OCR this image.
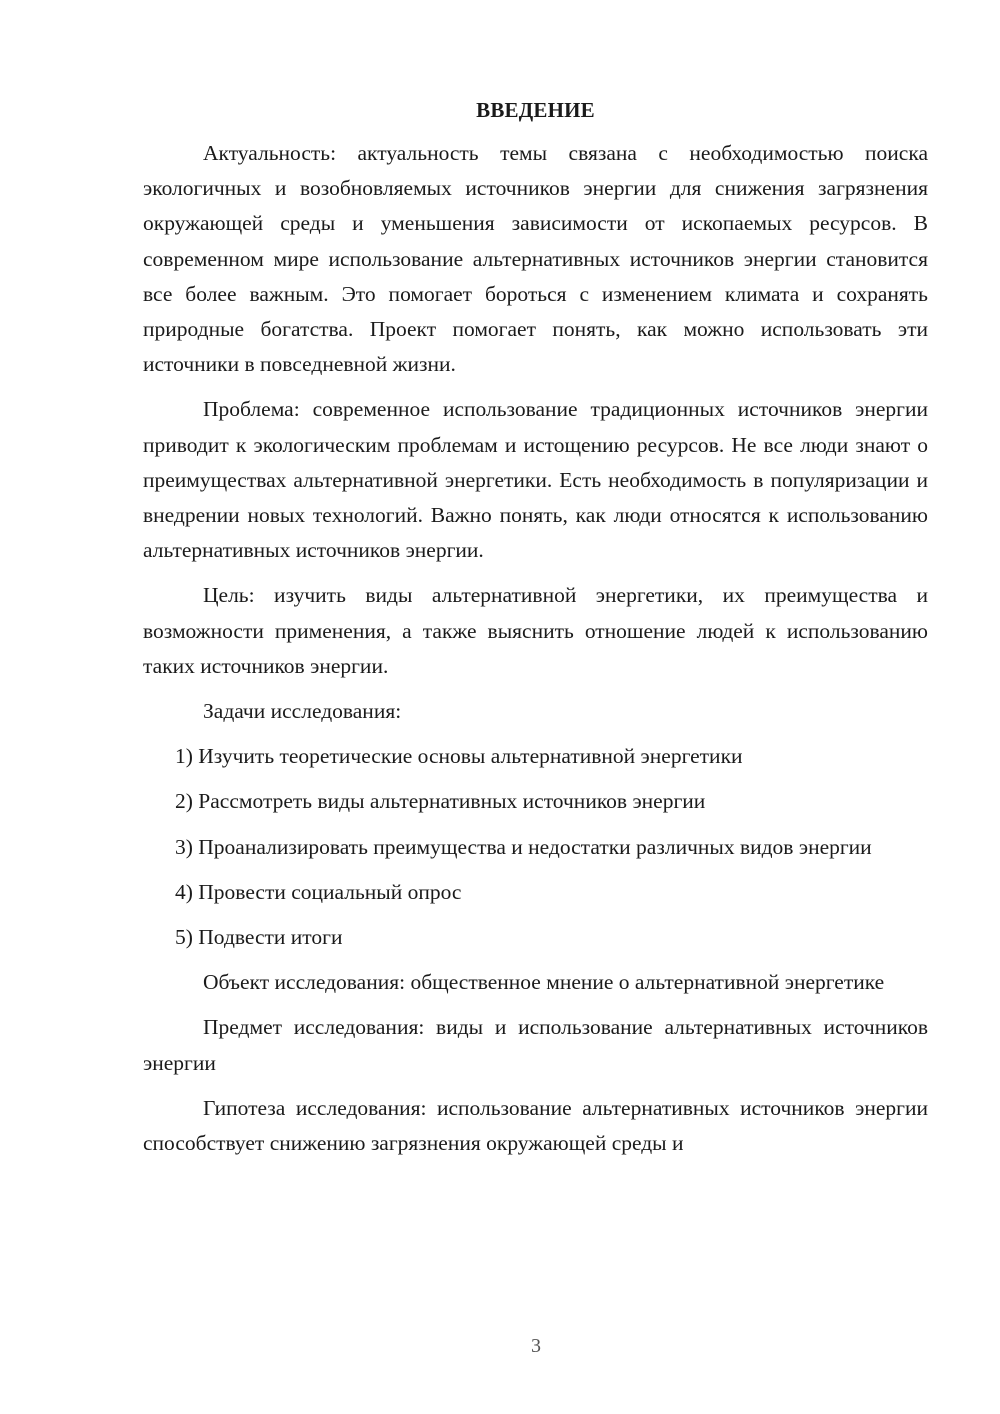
ВВЕДЕНИЕ

Актуальность: актуальность темы связана с необходимостью поиска экологичных и возобновляемых источников энергии для снижения загрязнения окружающей среды и уменьшения зависимости от ископаемых ресурсов. В современном мире использование альтернативных источников энергии становится все более важным. Это помогает бороться с изменением климата и сохранять природные богатства. Проект помогает понять, как можно использовать эти источники в повседневной жизни.

Проблема: современное использование традиционных источников энергии приводит к экологическим проблемам и истощению ресурсов. Не все люди знают о преимуществах альтернативной энергетики. Есть необходимость в популяризации и внедрении новых технологий. Важно понять, как люди относятся к использованию альтернативных источников энергии.

Цель: изучить виды альтернативной энергетики, их преимущества и возможности применения, а также выяснить отношение людей к использованию таких источников энергии.

Задачи исследования:

1) Изучить теоретические основы альтернативной энергетики

2) Рассмотреть виды альтернативных источников энергии

3) Проанализировать преимущества и недостатки различных видов энергии

4) Провести социальный опрос

5) Подвести итоги

Объект исследования: общественное мнение о альтернативной энергетике

Предмет исследования: виды и использование альтернативных источников энергии

Гипотеза исследования: использование альтернативных источников энергии способствует снижению загрязнения окружающей среды и

3
